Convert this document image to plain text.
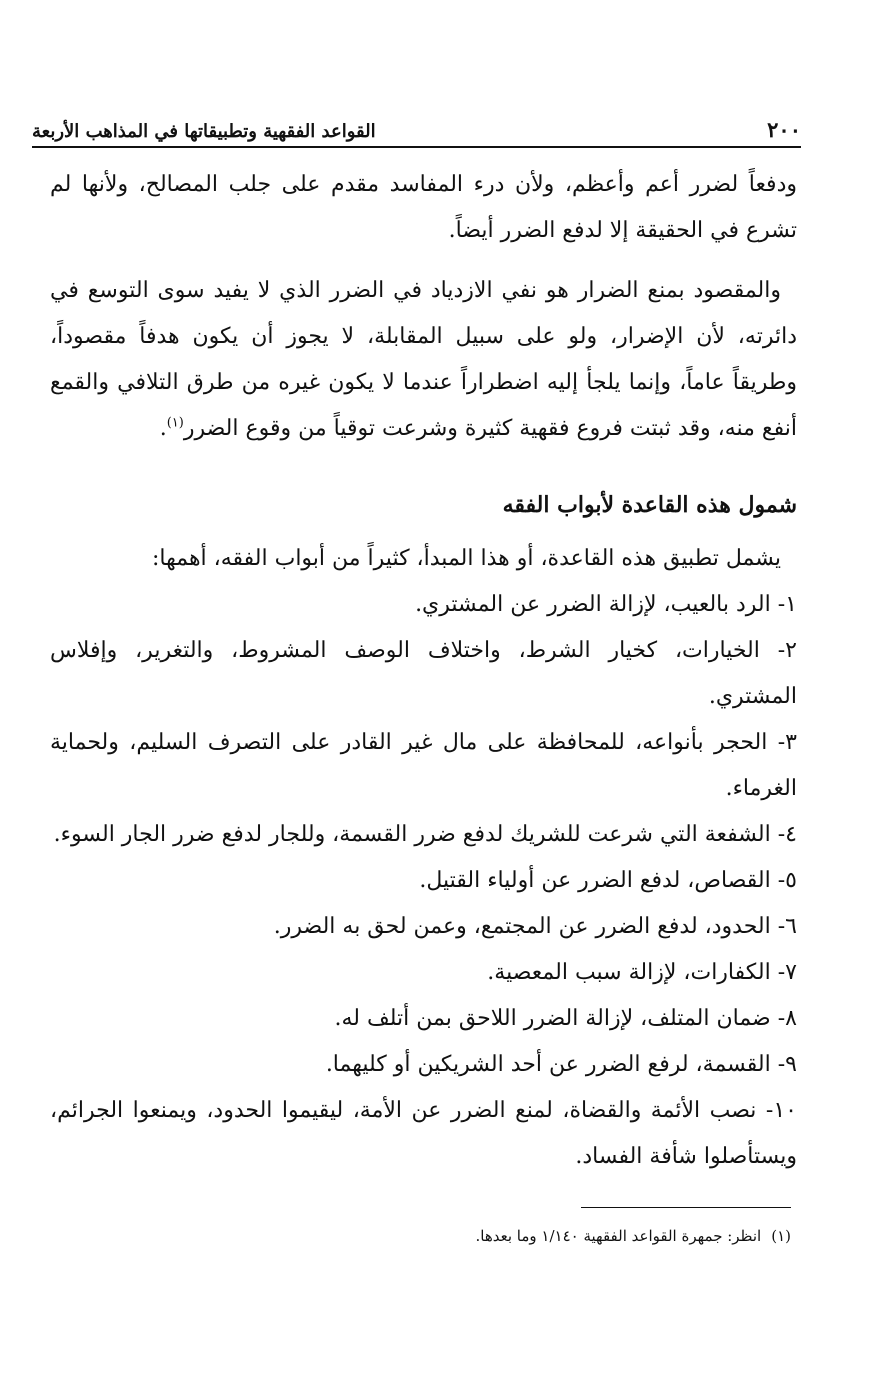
٢٠٠
القواعد الفقهية وتطبيقاتها في المذاهب الأربعة

ودفعاً لضرر أعم وأعظم، ولأن درء المفاسد مقدم على جلب المصالح، ولأنها لم تشرع في الحقيقة إلا لدفع الضرر أيضاً.

والمقصود بمنع الضرار هو نفي الازدياد في الضرر الذي لا يفيد سوى التوسع في دائرته، لأن الإضرار، ولو على سبيل المقابلة، لا يجوز أن يكون هدفاً مقصوداً، وطريقاً عاماً، وإنما يلجأ إليه اضطراراً عندما لا يكون غيره من طرق التلافي والقمع أنفع منه، وقد ثبتت فروع فقهية كثيرة وشرعت توقياً من وقوع الضرر$^{(١)}$.

شمول هذه القاعدة لأبواب الفقه

يشمل تطبيق هذه القاعدة، أو هذا المبدأ، كثيراً من أبواب الفقه، أهمها:

١- الرد بالعيب، لإزالة الضرر عن المشتري.
٢- الخيارات، كخيار الشرط، واختلاف الوصف المشروط، والتغرير، وإفلاس المشتري.
٣- الحجر بأنواعه، للمحافظة على مال غير القادر على التصرف السليم، ولحماية الغرماء.
٤- الشفعة التي شرعت للشريك لدفع ضرر القسمة، وللجار لدفع ضرر الجار السوء.
٥- القصاص، لدفع الضرر عن أولياء القتيل.
٦- الحدود، لدفع الضرر عن المجتمع، وعمن لحق به الضرر.
٧- الكفارات، لإزالة سبب المعصية.
٨- ضمان المتلف، لإزالة الضرر اللاحق بمن أتلف له.
٩- القسمة، لرفع الضرر عن أحد الشريكين أو كليهما.
١٠- نصب الأئمة والقضاة، لمنع الضرر عن الأمة، ليقيموا الحدود، ويمنعوا الجرائم، ويستأصلوا شأفة الفساد.
(١)انظر: جمهرة القواعد الفقهية ١/١٤٠ وما بعدها.
